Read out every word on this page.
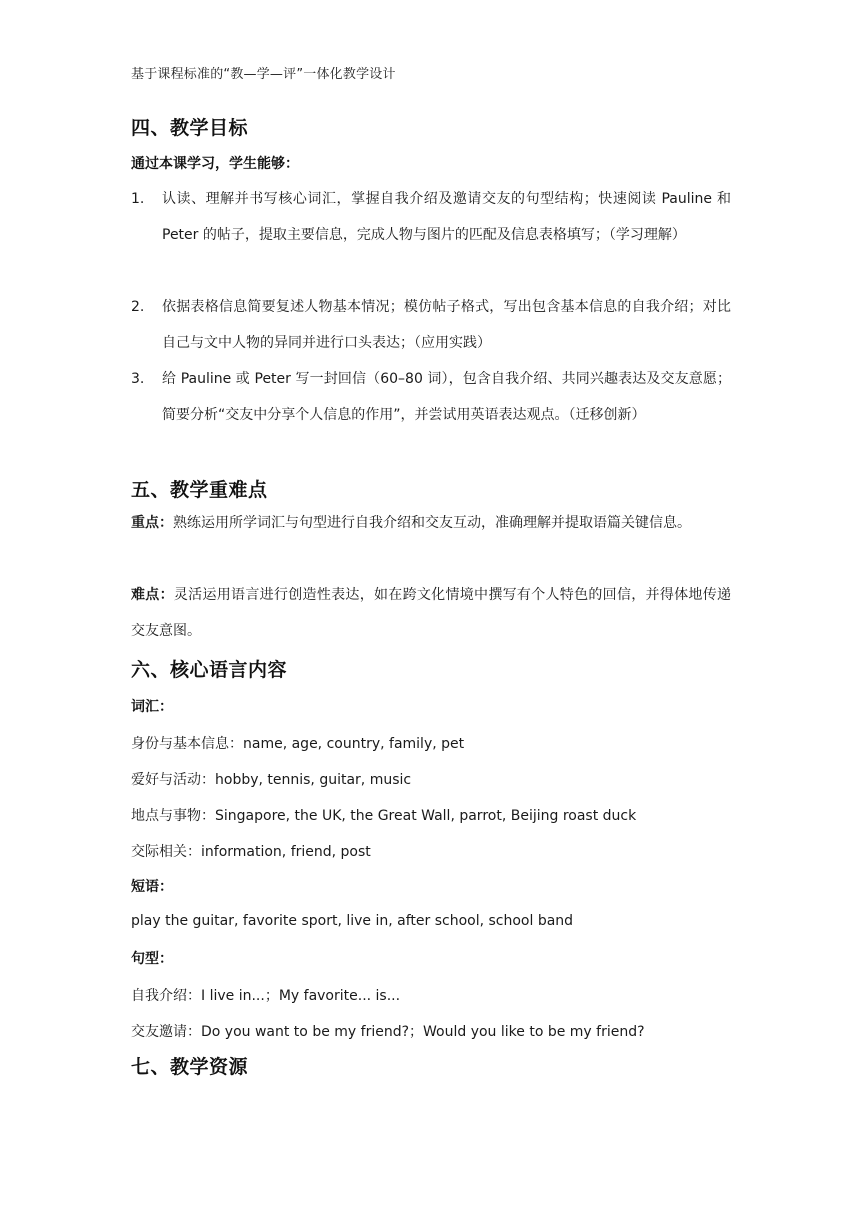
基于课程标准的“教—学—评”一体化教学设计
四、教学目标
通过本课学习，学生能够：
1.	认读、理解并书写核心词汇，掌握自我介绍及邀请交友的句型结构；快速阅读 Pauline 和 Peter 的帖子，提取主要信息，完成人物与图片的匹配及信息表格填写；（学习理解）
2.	依据表格信息简要复述人物基本情况；模仿帖子格式，写出包含基本信息的自我介绍；对比自己与文中人物的异同并进行口头表达；（应用实践）
3.	给 Pauline 或 Peter 写一封回信（60–80 词），包含自我介绍、共同兴趣表达及交友意愿；简要分析“交友中分享个人信息的作用”，并尝试用英语表达观点。（迁移创新）
五、教学重难点
重点：熟练运用所学词汇与句型进行自我介绍和交友互动，准确理解并提取语篇关键信息。
难点：灵活运用语言进行创造性表达，如在跨文化情境中撰写有个人特色的回信，并得体地传递交友意图。
六、核心语言内容
词汇：
身份与基本信息：name, age, country, family, pet
爱好与活动：hobby, tennis, guitar, music
地点与事物：Singapore, the UK, the Great Wall, parrot, Beijing roast duck
交际相关：information, friend, post
短语：
play the guitar, favorite sport, live in, after school, school band
句型：
自我介绍：I live in...；My favorite... is...
交友邀请：Do you want to be my friend?；Would you like to be my friend?
七、教学资源
